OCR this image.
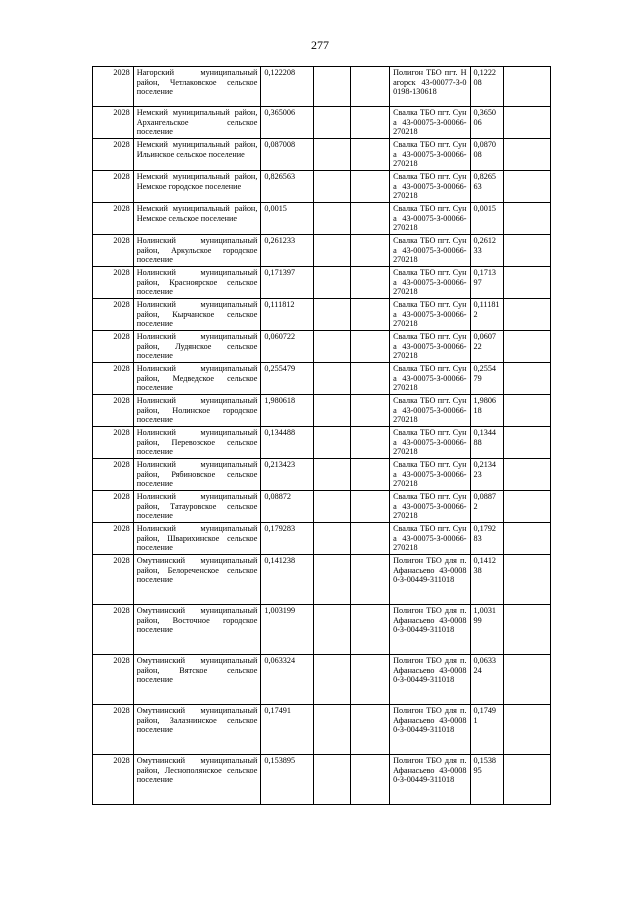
277
2028	Нагорский муниципальный район, Четлаковское сельское поселение	0,122208			Полигон ТБО пгт. Нагорск 43-00077-З-00198-130618	0,122208	
2028	Немский муниципальный район, Архангельское сельское поселение	0,365006			Свалка ТБО пгт. Суна 43-00075-З-00066-270218	0,365006	
2028	Немский муниципальный район, Ильинское сельское поселение	0,087008			Свалка ТБО пгт. Суна 43-00075-З-00066-270218	0,087008	
2028	Немский муниципальный район, Немское городское поселение	0,826563			Свалка ТБО пгт. Суна 43-00075-З-00066-270218	0,826563	
2028	Немский муниципальный район, Немское сельское поселение	0,0015			Свалка ТБО пгт. Суна 43-00075-З-00066-270218	0,0015	
2028	Нолинский муниципальный район, Аркульское городское поселение	0,261233			Свалка ТБО пгт. Суна 43-00075-З-00066-270218	0,261233	
2028	Нолинский муниципальный район, Красноярское сельское поселение	0,171397			Свалка ТБО пгт. Суна 43-00075-З-00066-270218	0,171397	
2028	Нолинский муниципальный район, Кырчанское сельское поселение	0,111812			Свалка ТБО пгт. Суна 43-00075-З-00066-270218	0,111812	
2028	Нолинский муниципальный район, Лудянское сельское поселение	0,060722			Свалка ТБО пгт. Суна 43-00075-З-00066-270218	0,060722	
2028	Нолинский муниципальный район, Медведское сельское поселение	0,255479			Свалка ТБО пгт. Суна 43-00075-З-00066-270218	0,255479	
2028	Нолинский муниципальный район, Нолинское городское поселение	1,980618			Свалка ТБО пгт. Суна 43-00075-З-00066-270218	1,980618	
2028	Нолинский муниципальный район, Перевозское сельское поселение	0,134488			Свалка ТБО пгт. Суна 43-00075-З-00066-270218	0,134488	
2028	Нолинский муниципальный район, Рябиновское сельское поселение	0,213423			Свалка ТБО пгт. Суна 43-00075-З-00066-270218	0,213423	
2028	Нолинский муниципальный район, Татауровское сельское поселение	0,08872			Свалка ТБО пгт. Суна 43-00075-З-00066-270218	0,08872	
2028	Нолинский муниципальный район, Шварихинское сельское поселение	0,179283			Свалка ТБО пгт. Суна 43-00075-З-00066-270218	0,179283	
2028	Омутнинский муниципальный район, Белореченское сельское поселение	0,141238			Полигон ТБО для п. Афанасьево 43-00080-З-00449-311018	0,141238	
2028	Омутнинский муниципальный район, Восточное городское поселение	1,003199			Полигон ТБО для п. Афанасьево 43-00080-З-00449-311018	1,003199	
2028	Омутнинский муниципальный район, Вятское сельское поселение	0,063324			Полигон ТБО для п. Афанасьево 43-00080-З-00449-311018	0,063324	
2028	Омутнинский муниципальный район, Залазнинское сельское поселение	0,17491			Полигон ТБО для п. Афанасьево 43-00080-З-00449-311018	0,17491	
2028	Омутнинский муниципальный район, Леснополянское сельское поселение	0,153895			Полигон ТБО для п. Афанасьево 43-00080-З-00449-311018	0,153895	
